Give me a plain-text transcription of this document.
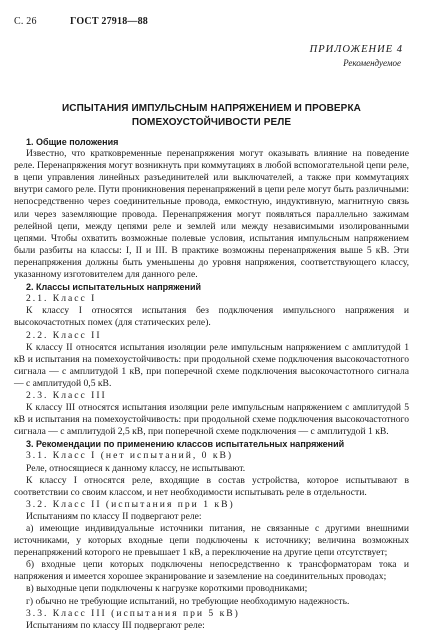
С. 26	ГОСТ 27918—88
ПРИЛОЖЕНИЕ 4
Рекомендуемое
ИСПЫТАНИЯ ИМПУЛЬСНЫМ НАПРЯЖЕНИЕМ И ПРОВЕРКА
ПОМЕХОУСТОЙЧИВОСТИ РЕЛЕ
1. Общие положения

Известно, что кратковременные перенапряжения могут оказывать влияние на поведение реле. Перенапряжения могут возникнуть при коммутациях в любой вспомогательной цепи реле, в цепи управления линейных разъединителей или выключателей, а также при коммутациях внутри самого реле. Пути проникновения перенапряжений в цепи реле могут быть различными: непосредственно через соединительные провода, емкостную, индуктивную, магнитную связь или через заземляющие провода. Перенапряжения могут появляться параллельно зажимам релейной цепи, между цепями реле и землей или между независимыми изолированными цепями. Чтобы охватить возможные полевые условия, испытания импульсным напряжением были разбиты на классы: I, II и III. В практике возможны перенапряжения выше 5 кВ. Эти перенапряжения должны быть уменьшены до уровня напряжения, соответствующего классу, указанному изготовителем для данного реле.

2. Классы испытательных напряжений
2.1. Класс I

К классу I относятся испытания без подключения импульсного напряжения и высокочастотных помех (для статических реле).

2.2. Класс II

К классу II относятся испытания изоляции реле импульсным напряжением с амплитудой 1 кВ и испытания на помехоустойчивость: при продольной схеме подключения высокочастотного сигнала — с амплитудой 1 кВ, при поперечной схеме подключения высокочастотного сигнала — с амплитудой 0,5 кВ.

2.3. Класс III

К классу III относятся испытания изоляции реле импульсным напряжением с амплитудой 5 кВ и испытания на помехоустойчивость: при продольной схеме подключения высокочастотного сигнала — с амплитудой 2,5 кВ, при поперечной схеме подключения — с амплитудой 1 кВ.

3. Рекомендации по применению классов испытательных напряжений
3.1. Класс I (нет испытаний, 0 кВ)

Реле, относящиеся к данному классу, не испытывают.

К классу I относятся реле, входящие в состав устройства, которое испытывают в соответствии со своим классом, и нет необходимости испытывать реле в отдельности.

3.2. Класс II (испытания при 1 кВ)

Испытаниям по классу II подвергают реле:

а) имеющие индивидуальные источники питания, не связанные с другими внешними источниками, у которых входные цепи подключены к источнику; величина возможных перенапряжений которого не превышает 1 кВ, а переключение на другие цепи отсутствует;

б) входные цепи которых подключены непосредственно к трансформаторам тока и напряжения и имеется хорошее экранирование и заземление на соединительных проводах;

в) выходные цепи подключены к нагрузке короткими проводниками;

г) обычно не требующие испытаний, но требующие необходимую надежность.

3.3. Класс III (испытания при 5 кВ)

Испытаниям по классу III подвергают реле:
